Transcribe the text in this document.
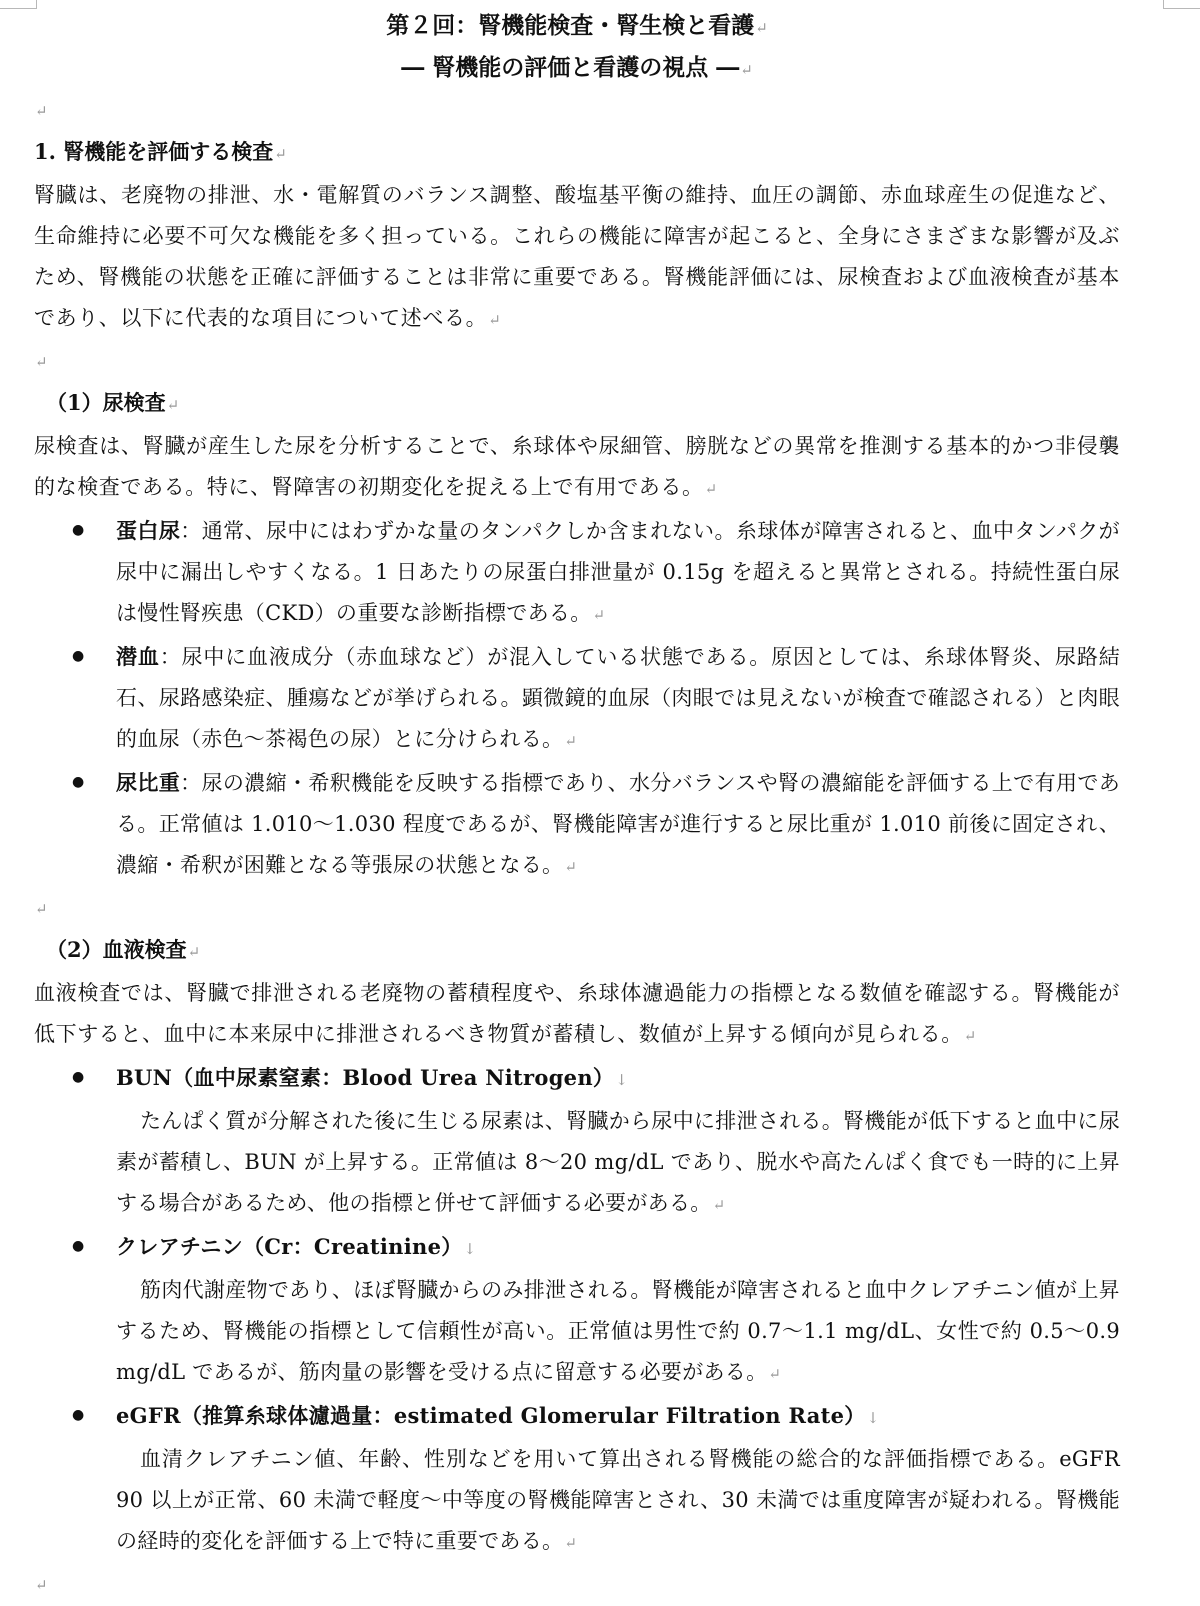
第２回：腎機能検査・腎生検と看護↵
― 腎機能の評価と看護の視点 ―↵
↵
1. 腎機能を評価する検査↵
腎臓は、老廃物の排泄、水・電解質のバランス調整、酸塩基平衡の維持、血圧の調節、赤血球産生の促進など、生命維持に必要不可欠な機能を多く担っている。これらの機能に障害が起こると、全身にさまざまな影響が及ぶため、腎機能の状態を正確に評価することは非常に重要である。腎機能評価には、尿検査および血液検査が基本であり、以下に代表的な項目について述べる。↵
↵
（1）尿検査↵
尿検査は、腎臓が産生した尿を分析することで、糸球体や尿細管、膀胱などの異常を推測する基本的かつ非侵襲的な検査である。特に、腎障害の初期変化を捉える上で有用である。↵
● 蛋白尿：通常、尿中にはわずかな量のタンパクしか含まれない。糸球体が障害されると、血中タンパクが尿中に漏出しやすくなる。1 日あたりの尿蛋白排泄量が 0.15g を超えると異常とされる。持続性蛋白尿は慢性腎疾患（CKD）の重要な診断指標である。↵
● 潜血：尿中に血液成分（赤血球など）が混入している状態である。原因としては、糸球体腎炎、尿路結石、尿路感染症、腫瘍などが挙げられる。顕微鏡的血尿（肉眼では見えないが検査で確認される）と肉眼的血尿（赤色～茶褐色の尿）とに分けられる。↵
● 尿比重：尿の濃縮・希釈機能を反映する指標であり、水分バランスや腎の濃縮能を評価する上で有用である。正常値は 1.010～1.030 程度であるが、腎機能障害が進行すると尿比重が 1.010 前後に固定され、濃縮・希釈が困難となる等張尿の状態となる。↵
↵
（2）血液検査↵
血液検査では、腎臓で排泄される老廃物の蓄積程度や、糸球体濾過能力の指標となる数値を確認する。腎機能が低下すると、血中に本来尿中に排泄されるべき物質が蓄積し、数値が上昇する傾向が見られる。↵
● BUN（血中尿素窒素：Blood Urea Nitrogen）↓
たんぱく質が分解された後に生じる尿素は、腎臓から尿中に排泄される。腎機能が低下すると血中に尿素が蓄積し、BUN が上昇する。正常値は 8～20 mg/dL であり、脱水や高たんぱく食でも一時的に上昇する場合があるため、他の指標と併せて評価する必要がある。↵
● クレアチニン（Cr：Creatinine）↓
筋肉代謝産物であり、ほぼ腎臓からのみ排泄される。腎機能が障害されると血中クレアチニン値が上昇するため、腎機能の指標として信頼性が高い。正常値は男性で約 0.7～1.1 mg/dL、女性で約 0.5～0.9 mg/dL であるが、筋肉量の影響を受ける点に留意する必要がある。↵
● eGFR（推算糸球体濾過量：estimated Glomerular Filtration Rate）↓
血清クレアチニン値、年齢、性別などを用いて算出される腎機能の総合的な評価指標である。eGFR 90 以上が正常、60 未満で軽度～中等度の腎機能障害とされ、30 未満では重度障害が疑われる。腎機能の経時的変化を評価する上で特に重要である。↵
↵
